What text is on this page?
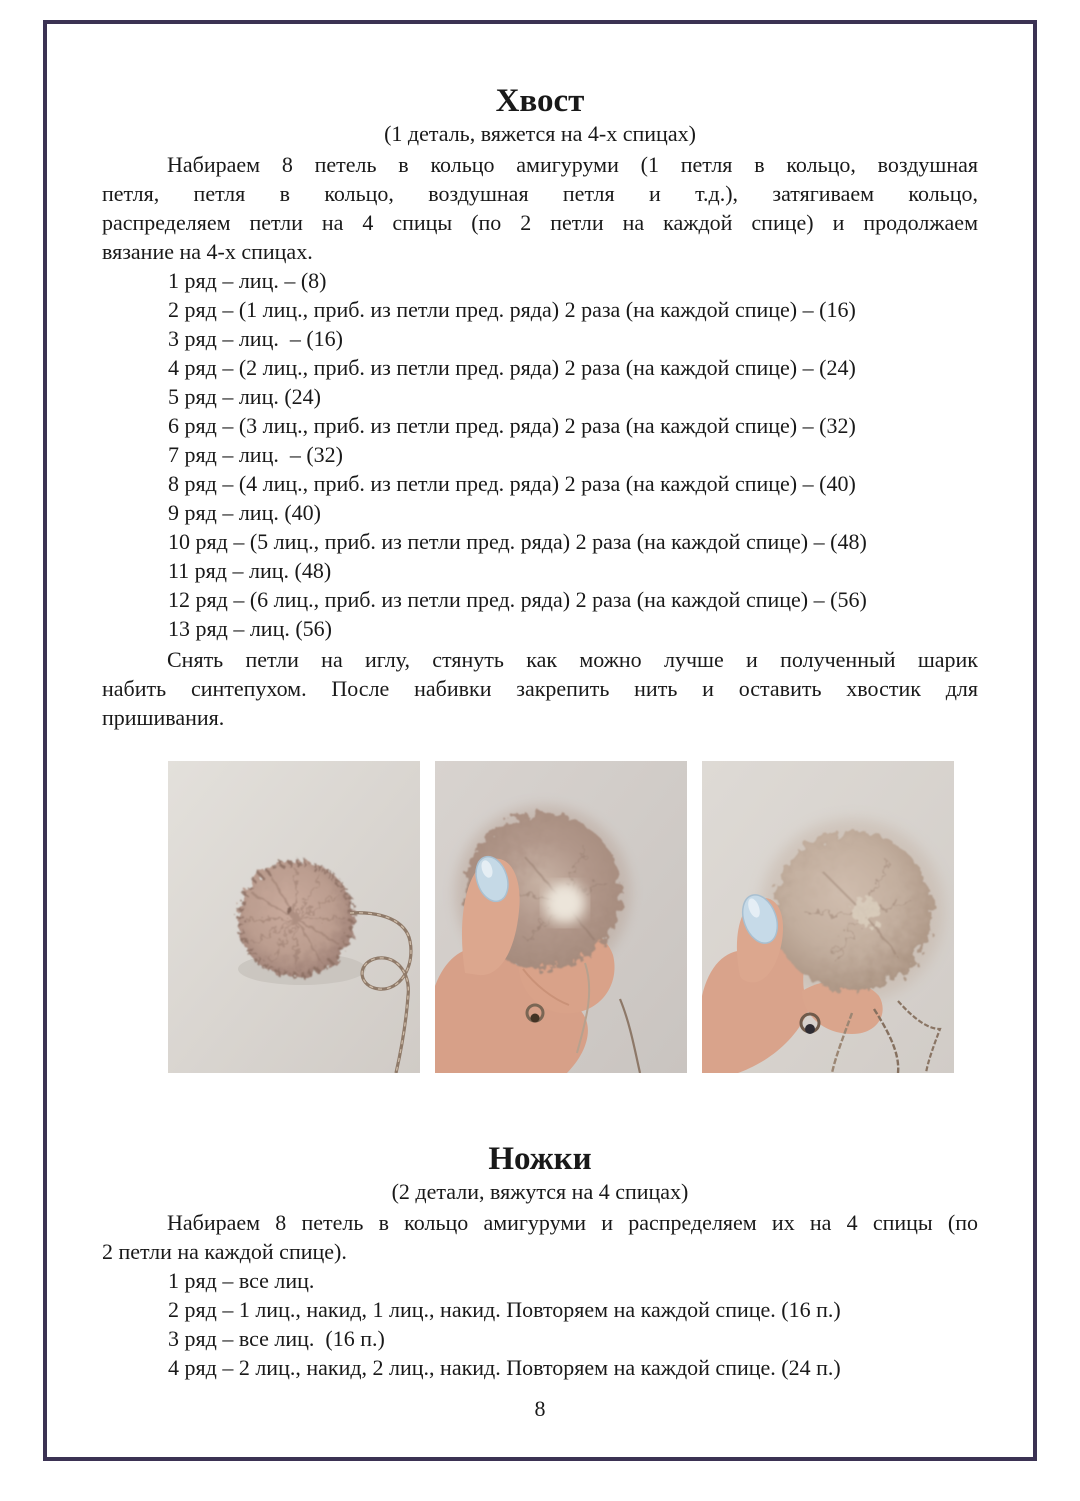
Хвост
(1 деталь, вяжется на 4-х спицах)
Набираем 8 петель в кольцо амигуруми (1 петля в кольцо, воздушная
петля, петля в кольцо, воздушная петля и т.д.), затягиваем кольцо,
распределяем петли на 4 спицы (по 2 петли на каждой спице) и продолжаем
вязание на 4-х спицах.
1 ряд – лиц. – (8)
2 ряд – (1 лиц., приб. из петли пред. ряда) 2 раза (на каждой спице) – (16)
3 ряд – лиц.  – (16)
4 ряд – (2 лиц., приб. из петли пред. ряда) 2 раза (на каждой спице) – (24)
5 ряд – лиц. (24)
6 ряд – (3 лиц., приб. из петли пред. ряда) 2 раза (на каждой спице) – (32)
7 ряд – лиц.  – (32)
8 ряд – (4 лиц., приб. из петли пред. ряда) 2 раза (на каждой спице) – (40)
9 ряд – лиц. (40)
10 ряд – (5 лиц., приб. из петли пред. ряда) 2 раза (на каждой спице) – (48)
11 ряд – лиц. (48)
12 ряд – (6 лиц., приб. из петли пред. ряда) 2 раза (на каждой спице) – (56)
13 ряд – лиц. (56)
Снять петли на иглу, стянуть как можно лучше и полученный шарик
набить синтепухом. После набивки закрепить нить и оставить хвостик для
пришивания.
Ножки
(2 детали, вяжутся на 4 спицах)
Набираем 8 петель в кольцо амигуруми и распределяем их на 4 спицы (по
2 петли на каждой спице).
1 ряд – все лиц.
2 ряд – 1 лиц., накид, 1 лиц., накид. Повторяем на каждой спице. (16 п.)
3 ряд – все лиц.  (16 п.)
4 ряд – 2 лиц., накид, 2 лиц., накид. Повторяем на каждой спице. (24 п.)
8
